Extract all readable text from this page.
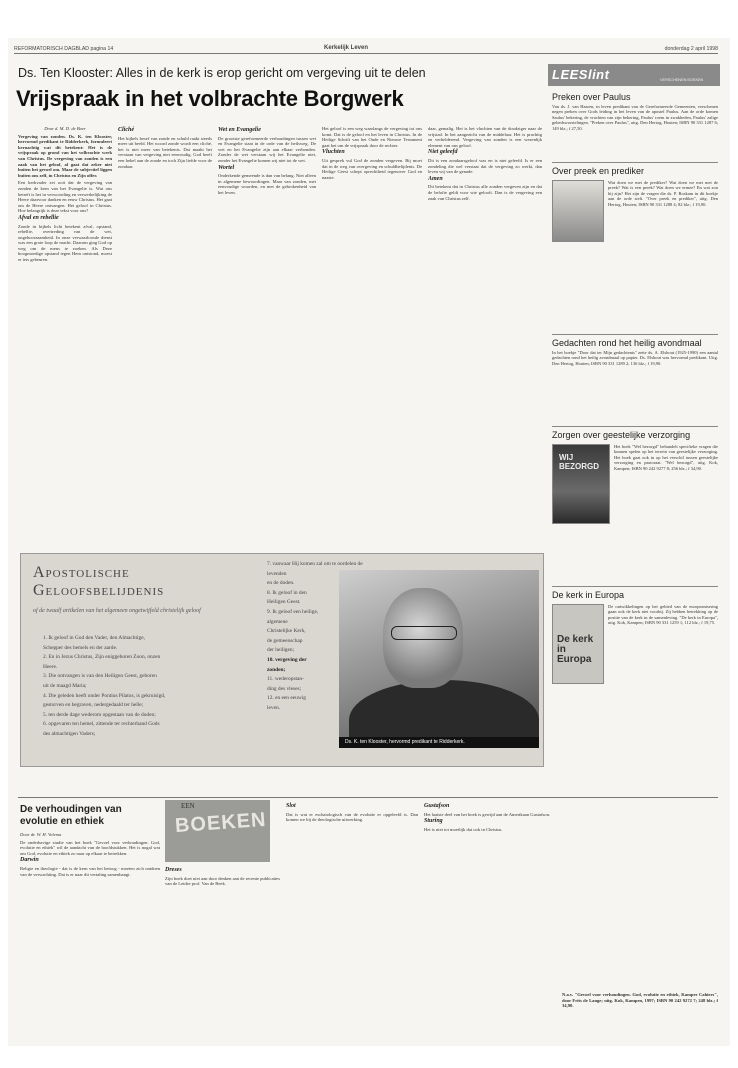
REFORMATORISCH DAGBLAD pagina 14	Kerkelijk Leven	donderdag 2 april 1998
Ds. Ten Klooster: Alles in de kerk is erop gericht om vergeving uit te delen
Vrijspraak in het volbrachte Borgwerk

Door d. M. D. de Boer

Vergeving van zonden. Ds. K. ten Klooster, hervormd predikant te Ridderkerk, formuleert kernachtig wat dit betekent: Het is de vrijspraak op grond van het volbrachte werk van Christus. De vergeving van zonden is een zaak van het geloof, al gaat dat zeker niet buiten het gevoel om. Maar de subjectief liggen buiten ons zelf, in Christus en Zijn offer.

Een kerkvader zei ooit dat de vergeving van zonden de kern van het Evangelie is. Wat ons betreft is het in verwoording en verwerkelijking de Heere daarvoor danken en eeuw Christus. Het gaat om de Heere ontvangen. Het geloof in Christus. Hoe belangrijk is deze tekst voor ons?

Afval en rebellie

Zonde in bijbels licht betekent afval, opstand, rebellie, overtreding van de wet, ongehoorzaamheid. In onze verwaarloosde dienst was een grote loop de macht. Daarom ging God op weg om de mens te zoeken. Als Deze hoogmoedige opstand tegen Hem ontstond, moest er iets gebeuren.

Cliché

Het bijbels besef van zonde en schuld raakt steeds meer uit beeld. Het woord zonde wordt een cliché, het is niet meer van betekenis. Dat maakt het verstaan van vergeving niet eenvoudig. God heeft een hekel aan de zonde en toch Zijn liefde voor de zondaar.

Wet en Evangelie

De grootste gereformeerde verhoudingen tussen wet en Evangelie staat in de orde van de heilsweg. De wet en het Evangelie zijn aan elkaar verbonden. Zonder de wet verstaan wij het Evangelie niet, zonder het Evangelie komen wij niet tot de wet.

Wortel

Onderkende gemeende is dan van belang. Niet alleen in algemene bewoordingen. Maar van zonden, met eenvoudige woorden, en met de gebrokenheid van het leven.

Het geloof is een weg waarlangs de vergeving tot ons komt. Dat is de geloof en het leven in Christus. In de Heilige Schrift van het Oude en Nieuwe Testament gaat het om de vrijspraak door de rechter.

Vluchten

Uit gesprek vul God de zonden vergeven. Bij moet dat in de weg van overgeving en schuldbelijdenis. De Heilige Geest schept oprechtheid tegenover God en naaste.

daar, gemalig. Het is het vluchten van de doodziger naar de vrijstad. In het aangezicht van de middelaar. Het is prachtig en verhelderend. Vergeving van zonden is een wezenlijk element van ons geloof.

Niet geleefd

Dit is een zondaarsgeloof was en is niet geleefd. Is er een zondeling die wel verstaat dat de vergeving zo werkt, dan leven wij van de genade.

Amen

Dit betekent dat in Christus alle zonden vergeven zijn en dat de belofte geldt voor wie gelooft. Dan is de vergeving een zaak van Christus zelf.

Apostolische
Geloofsbelijdenis
of de twaalf artikelen van het algemeen ongetwijfeld christelijk geloof
1. Ik geloof in God den Vader, den Almachtige,
Schepper des hemels en der aarde.
2. En in Jezus Christus, Zijn eniggeboren Zoon, onzen
Heere.
3. Die ontvangen is van den Heiligen Geest, geboren
uit de maagd Maria;
4. Die geleden heeft onder Pontius Pilatus, is gekruisigd,
gestorven en begraven, nedergedaald ter helle;
5. ten derde dage wederom opgestaan van de doden;
6. opgevaren ten hemel, zittende ter rechterhand Gods
des almachtigen Vaders;
7. vanwaar Hij komen zal om te oordelen de levenden
en de doden.
8. Ik geloof in den
Heiligen Geest.
9. Ik geloof een heilige,
algemene
Christelijke Kerk,
de gemeenschap
der heiligen;
10. vergeving der
zonden;
11. wederopstan-
ding des vleses;
12. en een eeuwig
leven.
Ds. K. ten Klooster, hervormd predikant te Ridderkerk.
De verhoudingen van evolutie en ethiek
EEN
BOEKEN

Door dr. W. H. Velema

De onderhavige studie van het boek "Gevoel voor verhoudingen. God, evolutie en ethiek" wil de aandacht van de hoofdstukken. Het is nogal wat om God, evolutie en ethiek zo naar op elkaar te betrekken.

Darwin

Religie en theologie - dat is de kern van het betoog - moeten zich ontdoen van de verwachting. Dat is er naar dit vertaling samenhangt.

Dreses

Zijn boek doet niet aan door denken aan de recente publicaties van de Leidse prof. Van de Beek.

Slot

Dat is wat er eschatologisch van de evolutie er opgeleefd is. Dan komen we bij de theologische uitwerking.

Gustafson

Het laatste deel van het boek is gewijd aan de Amerikaan Gustafson.

Sturing

Het is niet tot moeilijk dat ook in Christus.

N.a.v. "Gevoel voor verhoudingen. God, evolutie en ethiek, Kamper Cahiers", door Frits de Lange; uitg. Kok, Kampen, 1997; ISBN 90 242 9272 7; 248 blz.; f 34,90.

LEESlint	VERSCHENEN BOEKEN
Preken over Paulus
Van ds. J. van Haaren, in leven predikant van de Gereformeerde Gemeenten, verschenen negen preken over Gods leiding in het leven van de apostel Paulus. Aan de orde komen Saulus' bekering, de vruchten van zijn bekering, Paulus' roem in zwakheden, Paulus' zalige gebedsworstelingen. "Preken over Paulus", uitg. Den Hertog, Houten; ISBN 90 331 1287 6; 149 blz.; f 27,50.
Over preek en prediker
Wat doen we met de prediker? Wat doen we met met de preek? Wat is een preek? Wat doen we ermee? En wat zou hij zijn? Het zijn de vragen die ds. P. Roskam in dit boekje aan de orde stelt. "Over preek en prediker", uitg. Den Hertog, Houten; ISBN 90 331 1288 4; 82 blz.; f 19,90.
Gedachten rond het heilig avondmaal
In het boekje "Door dat ter Mijn gedachtenis" zette ds. A. Elshout (1925-1990) een aantal gedachten rond het heilig avondmaal op papier. Ds. Elshout was hervormd predikant. Uitg. Den Hertog, Houten; ISBN 90 331 1289 2; 136 blz.; f 19,90.
Zorgen over geestelijke verzorging
WIJ BEZORGD
Het boek "Wel bezorgd" behandelt specifieke vragen die kunnen spelen op het terrein van geestelijke verzorging. Het boek gaat ook in op het verschil tussen geestelijke verzorging en pastoraat. "Wel bezorgd", uitg. Kok, Kampen; ISBN 90 242 9277 8; 256 blz.; f 34,90.
De kerk in Europa
De kerk in Europa
De ontwikkelingen op het gebied van de europeanisering gaan ook de kerk niet voorbij. Zij hebben betrekking op de positie van de kerk in de samenleving. "De kerk in Europa", uitg. Kok, Kampen; ISBN 90 331 1259 1; 112 blz.; f 19,75.
